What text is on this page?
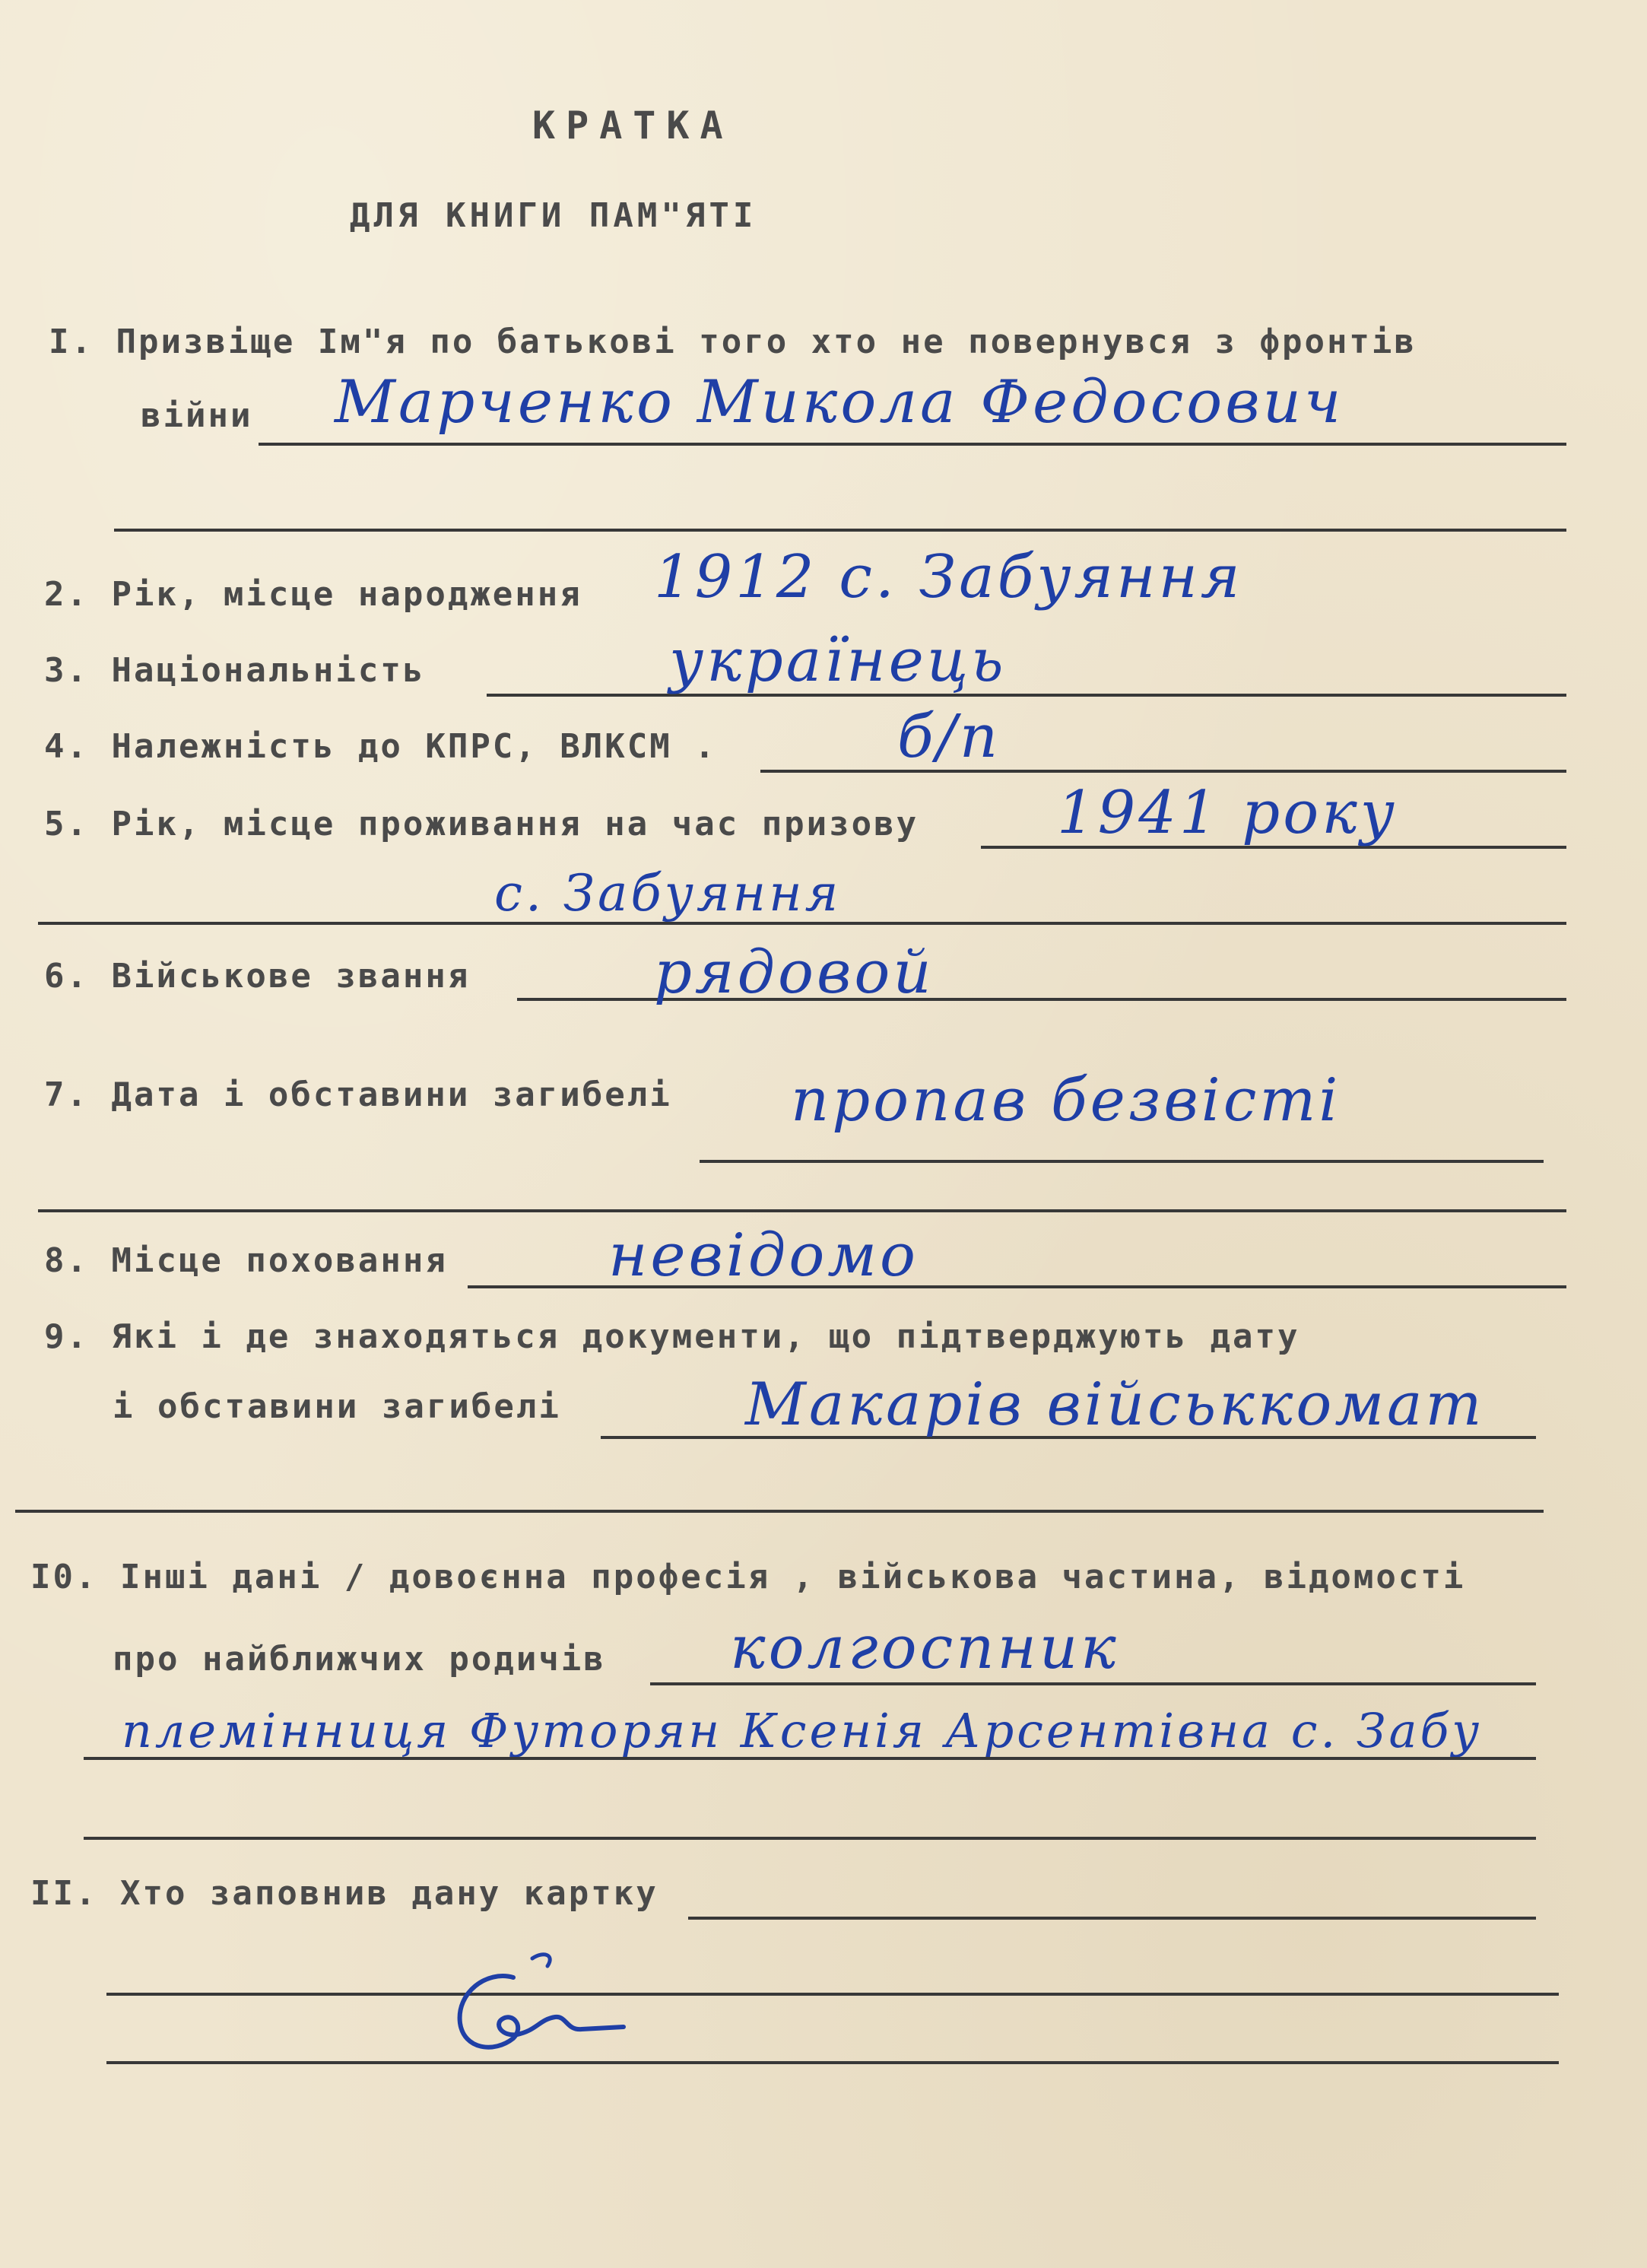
КРАТКА
ДЛЯ КНИГИ ПАМ"ЯТІ
І. Призвіще Ім"я по батькові того хто не повернувся з фронтів
війни Марченко Микола Федосович
2. Рік, місце народження 1912 с. Забуяння
3. Національність	українець
4. Належність до КПРС, ВЛКСМ .	б/п
5. Рік, місце проживання на час призову 1941 року
с. Забуяння
6. Військове звання	рядовой
7. Дата і обставини загибелі пропав безвісті
8. Місце поховання	невідомо
9. Які і де знаходяться документи, що підтверджують дату
і обставини загибелі	Макарів військкомат
І0. Інші дані / довоєнна професія , військова частина, відомості
про найближчих родичів колгоспник
племінниця Футорян Ксенія Арсентівна с. Забу
ІІ. Хто заповнив дану картку
